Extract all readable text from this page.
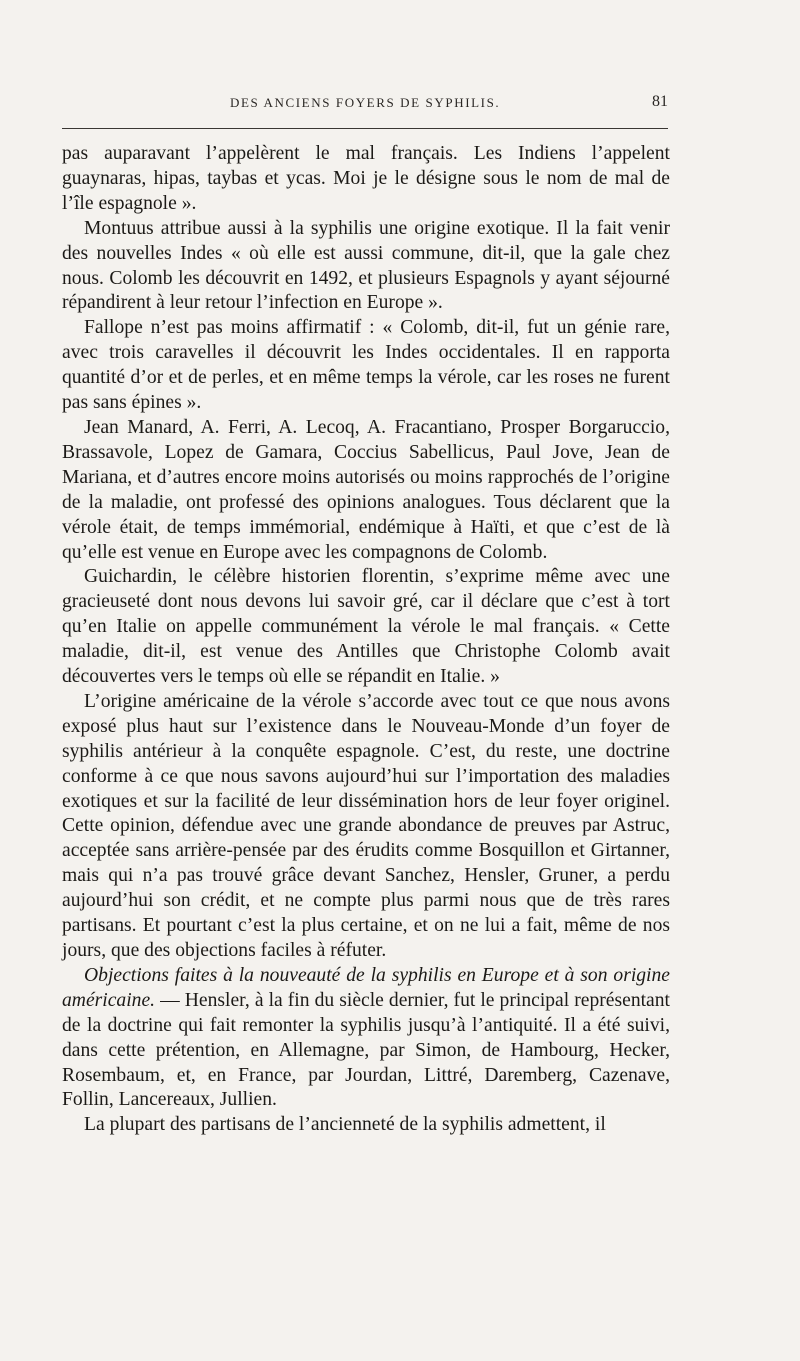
DES ANCIENS FOYERS DE SYPHILIS.	81

pas auparavant l’appelèrent le mal français. Les Indiens l’appelent guaynaras, hipas, taybas et ycas. Moi je le désigne sous le nom de mal de l’île espagnole ».

Montuus attribue aussi à la syphilis une origine exotique. Il la fait venir des nouvelles Indes « où elle est aussi commune, dit-il, que la gale chez nous. Colomb les découvrit en 1492, et plusieurs Espagnols y ayant séjourné répandirent à leur retour l’infection en Europe ».

Fallope n’est pas moins affirmatif : « Colomb, dit-il, fut un génie rare, avec trois caravelles il découvrit les Indes occidentales. Il en rapporta quantité d’or et de perles, et en même temps la vérole, car les roses ne furent pas sans épines ».

Jean Manard, A. Ferri, A. Lecoq, A. Fracantiano, Prosper Borgaruccio, Brassavole, Lopez de Gamara, Coccius Sabellicus, Paul Jove, Jean de Mariana, et d’autres encore moins autorisés ou moins rapprochés de l’origine de la maladie, ont professé des opinions analogues. Tous déclarent que la vérole était, de temps immémorial, endémique à Haïti, et que c’est de là qu’elle est venue en Europe avec les compagnons de Colomb.

Guichardin, le célèbre historien florentin, s’exprime même avec une gracieuseté dont nous devons lui savoir gré, car il déclare que c’est à tort qu’en Italie on appelle communément la vérole le mal français. « Cette maladie, dit-il, est venue des Antilles que Christophe Colomb avait découvertes vers le temps où elle se répandit en Italie. »

L’origine américaine de la vérole s’accorde avec tout ce que nous avons exposé plus haut sur l’existence dans le Nouveau-Monde d’un foyer de syphilis antérieur à la conquête espagnole. C’est, du reste, une doctrine conforme à ce que nous savons aujourd’hui sur l’importation des maladies exotiques et sur la facilité de leur dissémination hors de leur foyer originel. Cette opinion, défendue avec une grande abondance de preuves par Astruc, acceptée sans arrière-pensée par des érudits comme Bosquillon et Girtanner, mais qui n’a pas trouvé grâce devant Sanchez, Hensler, Gruner, a perdu aujourd’hui son crédit, et ne compte plus parmi nous que de très rares partisans. Et pourtant c’est la plus certaine, et on ne lui a fait, même de nos jours, que des objections faciles à réfuter.

Objections faites à la nouveauté de la syphilis en Europe et à son origine américaine. — Hensler, à la fin du siècle dernier, fut le principal représentant de la doctrine qui fait remonter la syphilis jusqu’à l’antiquité. Il a été suivi, dans cette prétention, en Allemagne, par Simon, de Hambourg, Hecker, Rosembaum, et, en France, par Jourdan, Littré, Daremberg, Cazenave, Follin, Lancereaux, Jullien.

La plupart des partisans de l’ancienneté de la syphilis admettent, il
